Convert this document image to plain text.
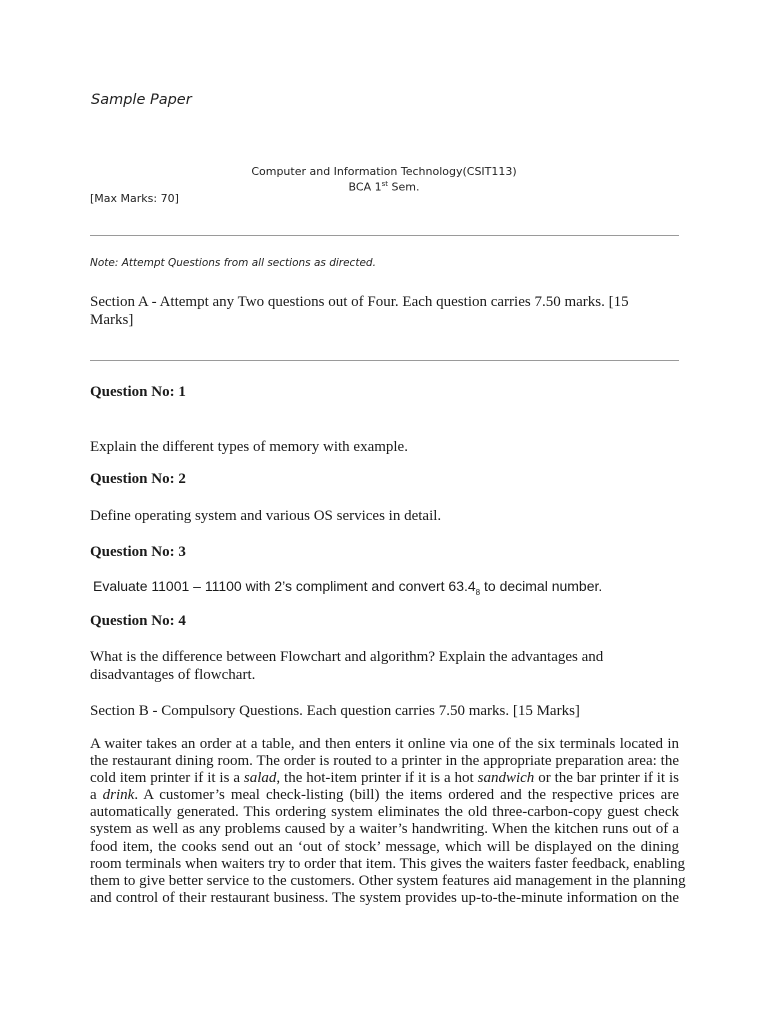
Sample Paper
Computer and Information Technology(CSIT113)
BCA 1st Sem.
[Max Marks: 70]
Note: Attempt Questions from all sections as directed.
Section A - Attempt any Two questions out of Four. Each question carries 7.50 marks. [15
Marks]
Question No: 1
Explain the different types of memory with example.
Question No: 2
Define operating system and various OS services in detail.
Question No: 3
Evaluate 11001 – 11100 with 2’s compliment and convert $63.4_8$ to decimal number.
Question No: 4
What is the difference between Flowchart and algorithm? Explain the advantages and
disadvantages of flowchart.
Section B - Compulsory Questions. Each question carries 7.50 marks. [15 Marks]
A waiter takes an order at a table, and then enters it online via one of the six terminals located in
the restaurant dining room. The order is routed to a printer in the appropriate preparation area: the
cold item printer if it is a salad, the hot-item printer if it is a hot sandwich or the bar printer if it is
a drink. A customer’s meal check-listing (bill) the items ordered and the respective prices are
automatically generated. This ordering system eliminates the old three-carbon-copy guest check
system as well as any problems caused by a waiter’s handwriting. When the kitchen runs out of a
food item, the cooks send out an ‘out of stock’ message, which will be displayed on the dining
room terminals when waiters try to order that item. This gives the waiters faster feedback, enabling
them to give better service to the customers. Other system features aid management in the planning
and control of their restaurant business. The system provides up-to-the-minute information on the
